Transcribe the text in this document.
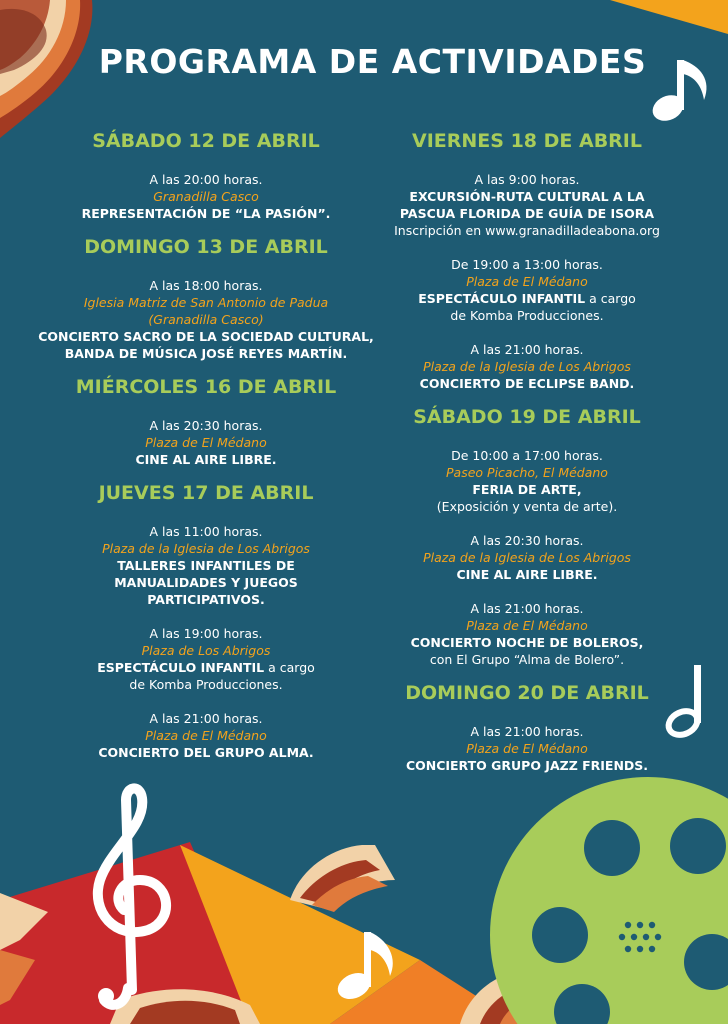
PROGRAMA DE ACTIVIDADES
SÁBADO 12 DE ABRIL
A las 20:00 horas.
Granadilla Casco
REPRESENTACIÓN DE “LA PASIÓN”.
DOMINGO 13 DE ABRIL
A las 18:00 horas.
Iglesia Matriz de San Antonio de Padua
(Granadilla Casco)
CONCIERTO SACRO DE LA SOCIEDAD CULTURAL,
BANDA DE MÚSICA JOSÉ REYES MARTÍN.
MIÉRCOLES 16 DE ABRIL
A las 20:30 horas.
Plaza de El Médano
CINE AL AIRE LIBRE.
JUEVES 17 DE ABRIL
A las 11:00 horas.
Plaza de la Iglesia de Los Abrigos
TALLERES INFANTILES DE
MANUALIDADES Y JUEGOS
PARTICIPATIVOS.
A las 19:00 horas.
Plaza de Los Abrigos
ESPECTÁCULO INFANTIL a cargo
de Komba Producciones.
A las 21:00 horas.
Plaza de El Médano
CONCIERTO DEL GRUPO ALMA.
VIERNES 18 DE ABRIL
A las 9:00 horas.
EXCURSIÓN-RUTA CULTURAL A LA
PASCUA FLORIDA DE GUÍA DE ISORA
Inscripción en www.granadilladeabona.org
De 19:00 a 13:00 horas.
Plaza de El Médano
ESPECTÁCULO INFANTIL a cargo
de Komba Producciones.
A las 21:00 horas.
Plaza de la Iglesia de Los Abrigos
CONCIERTO DE ECLIPSE BAND.
SÁBADO 19 DE ABRIL
De 10:00 a 17:00 horas.
Paseo Picacho, El Médano
FERIA DE ARTE,
(Exposición y venta de arte).
A las 20:30 horas.
Plaza de la Iglesia de Los Abrigos
CINE AL AIRE LIBRE.
A las 21:00 horas.
Plaza de El Médano
CONCIERTO NOCHE DE BOLEROS,
con El Grupo “Alma de Bolero”.
DOMINGO 20 DE ABRIL
A las 21:00 horas.
Plaza de El Médano
CONCIERTO GRUPO JAZZ FRIENDS.
